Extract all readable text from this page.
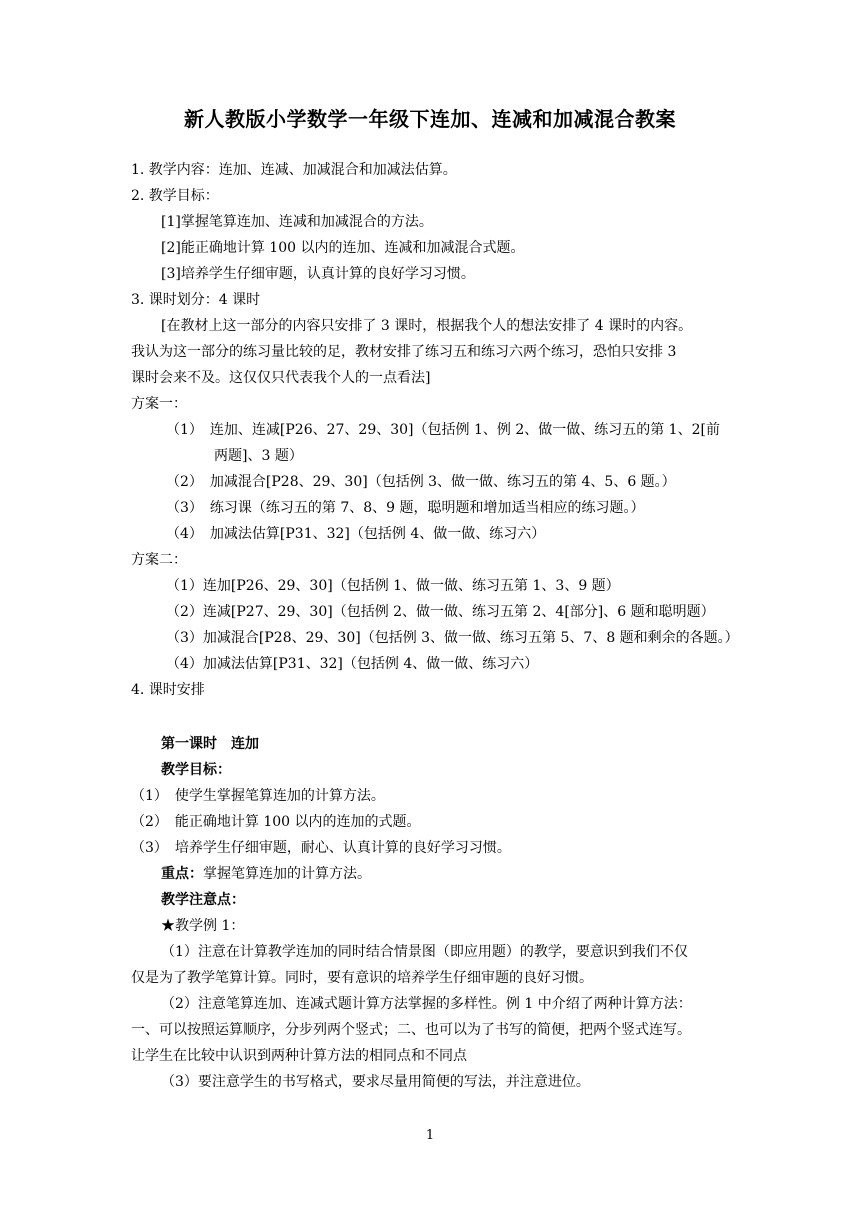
新人教版小学数学一年级下连加、连减和加减混合教案
1. 教学内容：连加、连减、加减混合和加减法估算。
2. 教学目标：
[1]掌握笔算连加、连减和加减混合的方法。
[2]能正确地计算 100 以内的连加、连减和加减混合式题。
[3]培养学生仔细审题，认真计算的良好学习习惯。
3. 课时划分：4 课时
[在教材上这一部分的内容只安排了 3 课时，根据我个人的想法安排了 4 课时的内容。
我认为这一部分的练习量比较的足，教材安排了练习五和练习六两个练习，恐怕只安排 3
课时会来不及。这仅仅只代表我个人的一点看法]
方案一：
（1）　连加、连减[P26、27、29、30]（包括例 1、例 2、做一做、练习五的第 1、2[前
两题]、3 题）
（2）　加减混合[P28、29、30]（包括例 3、做一做、练习五的第 4、5、6 题。）
（3）　练习课（练习五的第 7、8、9 题，聪明题和增加适当相应的练习题。）
（4）　加减法估算[P31、32]（包括例 4、做一做、练习六）
方案二：
（1）连加[P26、29、30]（包括例 1、做一做、练习五第 1、3、9 题）
（2）连减[P27、29、30]（包括例 2、做一做、练习五第 2、4[部分]、6 题和聪明题）
（3）加减混合[P28、29、30]（包括例 3、做一做、练习五第 5、7、8 题和剩余的各题。）
（4）加减法估算[P31、32]（包括例 4、做一做、练习六）
4. 课时安排
第一课时　连加
教学目标：
（1）　使学生掌握笔算连加的计算方法。
（2）　能正确地计算 100 以内的连加的式题。
（3）　培养学生仔细审题，耐心、认真计算的良好学习习惯。
重点：掌握笔算连加的计算方法。
教学注意点：
★教学例 1：
（1）注意在计算教学连加的同时结合情景图（即应用题）的教学，要意识到我们不仅
仅是为了教学笔算计算。同时，要有意识的培养学生仔细审题的良好习惯。
（2）注意笔算连加、连减式题计算方法掌握的多样性。例 1 中介绍了两种计算方法：
一、可以按照运算顺序，分步列两个竖式；二、也可以为了书写的简便，把两个竖式连写。
让学生在比较中认识到两种计算方法的相同点和不同点
（3）要注意学生的书写格式，要求尽量用简便的写法，并注意进位。
1
